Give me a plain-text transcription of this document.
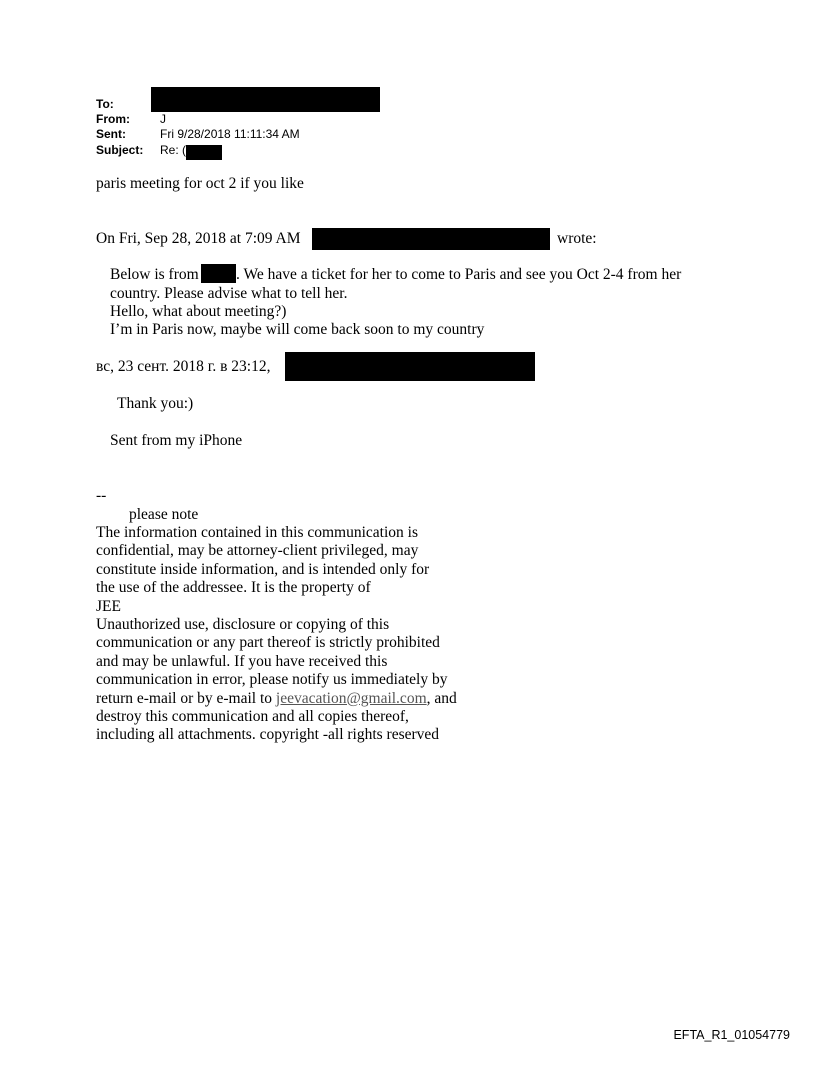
To:
From:	J
Sent:	Fri 9/28/2018 11:11:34 AM
Subject: Re: (
paris meeting for oct 2 if you like
On Fri, Sep 28, 2018 at 7:09 AM	wrote:
Below is from . We have a ticket for her to come to Paris and see you Oct 2-4 from her
country. Please advise what to tell her.
Hello, what about meeting?)
I’m in Paris now, maybe will come back soon to my country
вс, 23 сент. 2018 г. в 23:12,
Thank you:)
Sent from my iPhone
--
please note
The information contained in this communication is
confidential, may be attorney-client privileged, may
constitute inside information, and is intended only for
the use of the addressee. It is the property of
JEE
Unauthorized use, disclosure or copying of this
communication or any part thereof is strictly prohibited
and may be unlawful. If you have received this
communication in error, please notify us immediately by
return e-mail or by e-mail to jeevacation@gmail.com, and
destroy this communication and all copies thereof,
including all attachments. copyright -all rights reserved
EFTA_R1_01054779
